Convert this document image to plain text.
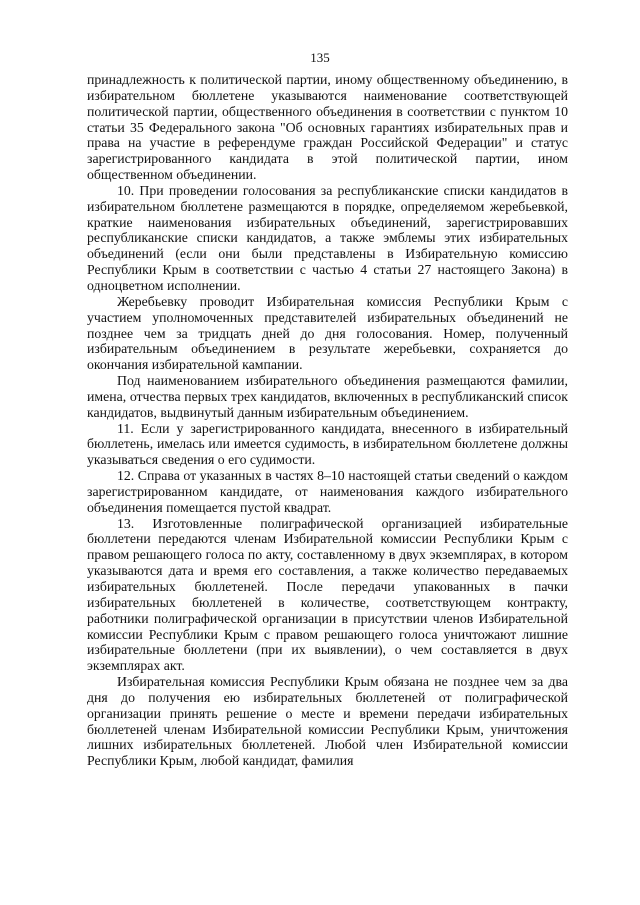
135

принадлежность к политической партии, иному общественному объединению, в избирательном бюллетене указываются наименование соответствующей политической партии, общественного объединения в соответствии с пунктом 10 статьи 35 Федерального закона "Об основных гарантиях избирательных прав и права на участие в референдуме граждан Российской Федерации" и статус зарегистрированного кандидата в этой политической партии, ином общественном объединении.

10. При проведении голосования за республиканские списки кандидатов в избирательном бюллетене размещаются в порядке, определяемом жеребьевкой, краткие наименования избирательных объединений, зарегистрировавших республиканские списки кандидатов, а также эмблемы этих избирательных объединений (если они были представлены в Избирательную комиссию Республики Крым в соответствии с частью 4 статьи 27 настоящего Закона) в одноцветном исполнении.

Жеребьевку проводит Избирательная комиссия Республики Крым с участием уполномоченных представителей избирательных объединений не позднее чем за тридцать дней до дня голосования. Номер, полученный избирательным объединением в результате жеребьевки, сохраняется до окончания избирательной кампании.

Под наименованием избирательного объединения размещаются фамилии, имена, отчества первых трех кандидатов, включенных в республиканский список кандидатов, выдвинутый данным избирательным объединением.

11. Если у зарегистрированного кандидата, внесенного в избирательный бюллетень, имелась или имеется судимость, в избирательном бюллетене должны указываться сведения о его судимости.

12. Справа от указанных в частях 8–10 настоящей статьи сведений о каждом зарегистрированном кандидате, от наименования каждого избирательного объединения помещается пустой квадрат.

13. Изготовленные полиграфической организацией избирательные бюллетени передаются членам Избирательной комиссии Республики Крым с правом решающего голоса по акту, составленному в двух экземплярах, в котором указываются дата и время его составления, а также количество передаваемых избирательных бюллетеней. После передачи упакованных в пачки избирательных бюллетеней в количестве, соответствующем контракту, работники полиграфической организации в присутствии членов Избирательной комиссии Республики Крым с правом решающего голоса уничтожают лишние избирательные бюллетени (при их выявлении), о чем составляется в двух экземплярах акт.

Избирательная комиссия Республики Крым обязана не позднее чем за два дня до получения ею избирательных бюллетеней от полиграфической организации принять решение о месте и времени передачи избирательных бюллетеней членам Избирательной комиссии Республики Крым, уничтожения лишних избирательных бюллетеней. Любой член Избирательной комиссии Республики Крым, любой кандидат, фамилия
